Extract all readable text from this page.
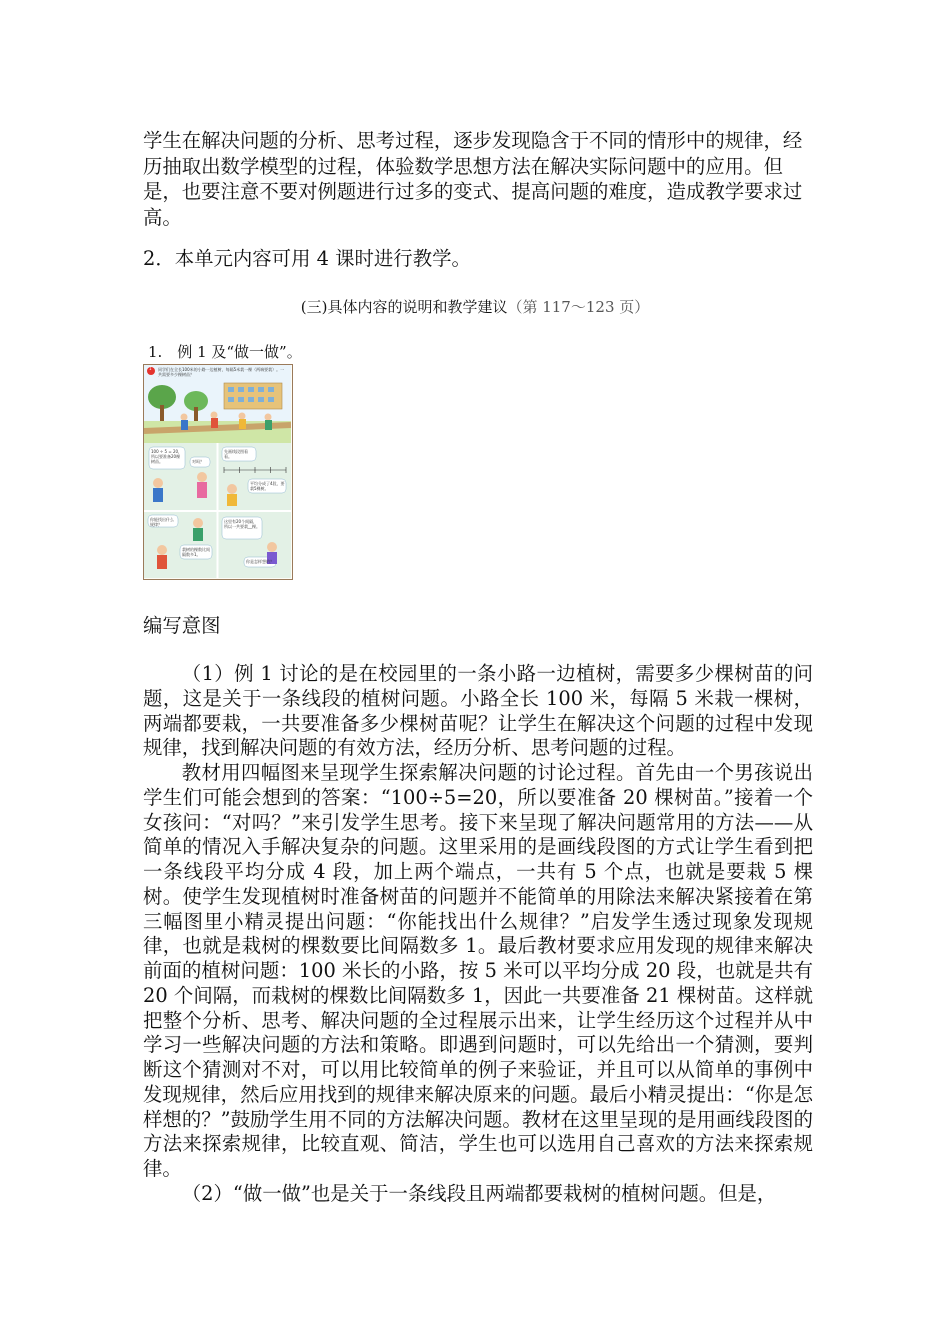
学生在解决问题的分析、思考过程，逐步发现隐含于不同的情形中的规律，经历抽取出数学模型的过程，体验数学思想方法在解决实际问题中的应用。但是，也要注意不要对例题进行过多的变式、提高问题的难度，造成教学要求过高。

2．本单元内容可用 4 课时进行教学。

(三)具体内容的说明和教学建议（第 117～123 页）
1.　例 1 及“做一做”。
同学们在全长100米的小路一边植树，每隔5米栽一棵（两端要栽）。一共需要多少棵树苗？
1
100 ÷ 5 = 20，所以要准备20棵树苗。	对吗？
先画线段图看看。
平均分成了4段，要栽5棵树。
你能找出什么规律？
这里有20个间隔，所以一共要栽__棵。
栽树的棵数比间隔数多1。
你是怎样想的？
编写意图

（1）例 1 讨论的是在校园里的一条小路一边植树，需要多少棵树苗的问题，这是关于一条线段的植树问题。小路全长 100 米，每隔 5 米栽一棵树，两端都要栽，一共要准备多少棵树苗呢？让学生在解决这个问题的过程中发现规律，找到解决问题的有效方法，经历分析、思考问题的过程。

教材用四幅图来呈现学生探索解决问题的讨论过程。首先由一个男孩说出学生们可能会想到的答案：“100÷5=20，所以要准备 20 棵树苗。”接着一个女孩问：“对吗？”来引发学生思考。接下来呈现了解决问题常用的方法——从简单的情况入手解决复杂的问题。这里采用的是画线段图的方式让学生看到把一条线段平均分成 4 段，加上两个端点，一共有 5 个点，也就是要栽 5 棵树。使学生发现植树时准备树苗的问题并不能简单的用除法来解决紧接着在第三幅图里小精灵提出问题：“你能找出什么规律？”启发学生透过现象发现规律，也就是栽树的棵数要比间隔数多 1。最后教材要求应用发现的规律来解决前面的植树问题：100 米长的小路，按 5 米可以平均分成 20 段，也就是共有 20 个间隔，而栽树的棵数比间隔数多 1，因此一共要准备 21 棵树苗。这样就把整个分析、思考、解决问题的全过程展示出来，让学生经历这个过程并从中学习一些解决问题的方法和策略。即遇到问题时，可以先给出一个猜测，要判断这个猜测对不对，可以用比较简单的例子来验证，并且可以从简单的事例中发现规律，然后应用找到的规律来解决原来的问题。最后小精灵提出：“你是怎样想的？”鼓励学生用不同的方法解决问题。教材在这里呈现的是用画线段图的方法来探索规律，比较直观、简洁，学生也可以选用自己喜欢的方法来探索规律。

（2）“做一做”也是关于一条线段且两端都要栽树的植树问题。但是，
